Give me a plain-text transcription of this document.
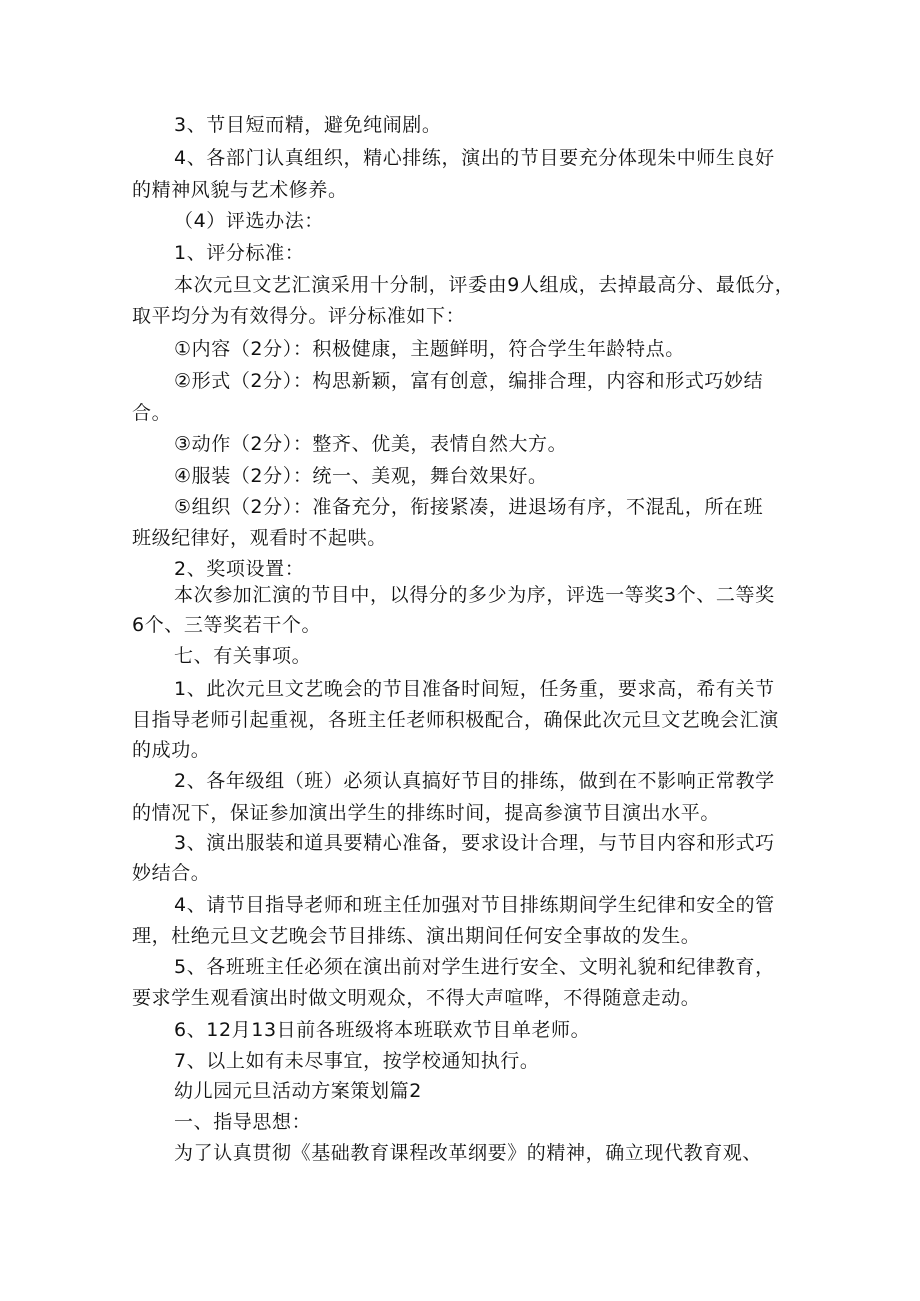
3、节目短而精，避免纯闹剧。
4、各部门认真组织，精心排练，演出的节目要充分体现朱中师生良好
的精神风貌与艺术修养。
（4）评选办法：
1、评分标准：
本次元旦文艺汇演采用十分制，评委由9人组成，去掉最高分、最低分，
取平均分为有效得分。评分标准如下：
①内容（2分）：积极健康，主题鲜明，符合学生年龄特点。
②形式（2分）：构思新颖，富有创意，编排合理，内容和形式巧妙结
合。
③动作（2分）：整齐、优美，表情自然大方。
④服装（2分）：统一、美观，舞台效果好。
⑤组织（2分）：准备充分，衔接紧凑，进退场有序，不混乱，所在班
班级纪律好，观看时不起哄。
2、奖项设置：
本次参加汇演的节目中，以得分的多少为序，评选一等奖3个、二等奖
6个、三等奖若干个。
七、有关事项。
1、此次元旦文艺晚会的节目准备时间短，任务重，要求高，希有关节
目指导老师引起重视，各班主任老师积极配合，确保此次元旦文艺晚会汇演
的成功。
2、各年级组（班）必须认真搞好节目的排练，做到在不影响正常教学
的情况下，保证参加演出学生的排练时间，提高参演节目演出水平。
3、演出服装和道具要精心准备，要求设计合理，与节目内容和形式巧
妙结合。
4、请节目指导老师和班主任加强对节目排练期间学生纪律和安全的管
理，杜绝元旦文艺晚会节目排练、演出期间任何安全事故的发生。
5、各班班主任必须在演出前对学生进行安全、文明礼貌和纪律教育，
要求学生观看演出时做文明观众，不得大声喧哗，不得随意走动。
6、12月13日前各班级将本班联欢节目单老师。
7、以上如有未尽事宜，按学校通知执行。
幼儿园元旦活动方案策划篇2
一、指导思想：
为了认真贯彻《基础教育课程改革纲要》的精神，确立现代教育观、
